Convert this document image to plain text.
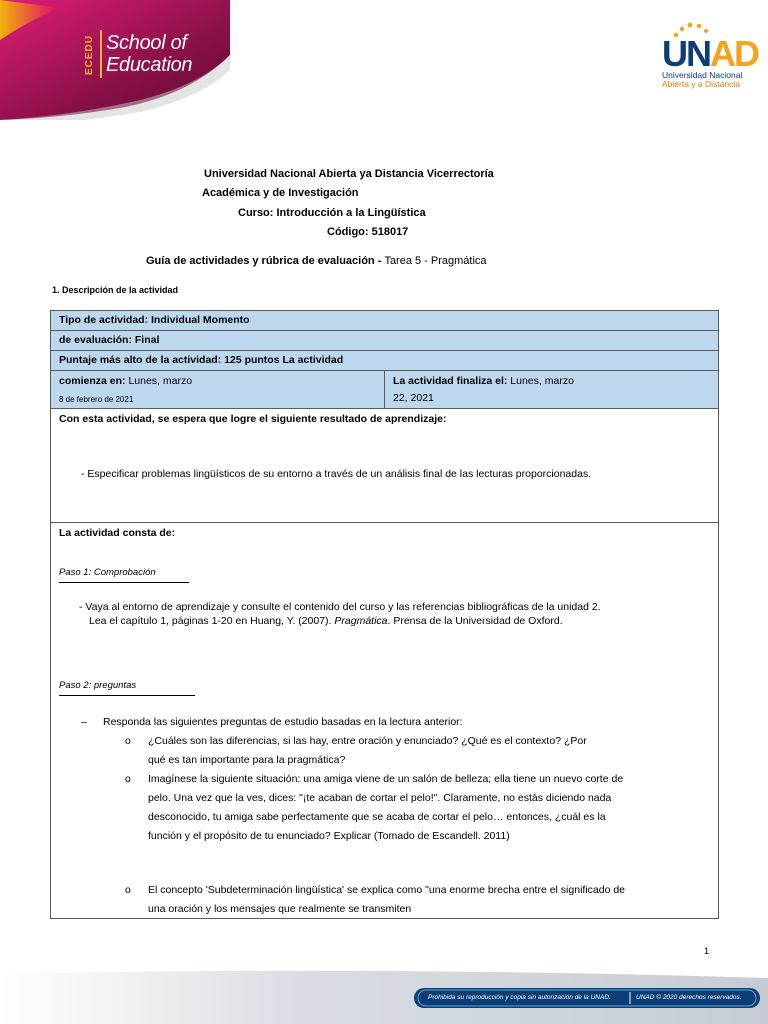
ECEDU School of
Education	UNAD
Universidad Nacional
Abierta y a Distancia
Universidad Nacional Abierta ya Distancia Vicerrectoría
Académica y de Investigación
Curso: Introducción a la Lingüística
Código: 518017
Guía de actividades y rúbrica de evaluación - Tarea 5 - Pragmática
1. Descripción de la actividad
Tipo de actividad: Individual Momento
de evaluación: Final
Puntaje más alto de la actividad: 125 puntos La actividad
comienza en: Lunes, marzo
8 de febrero de 2021
La actividad finaliza el: Lunes, marzo
22, 2021
Con esta actividad, se espera que logre el siguiente resultado de aprendizaje:
- Especificar problemas lingüísticos de su entorno a través de un análisis final de las lecturas proporcionadas.
La actividad consta de:
Paso 1: Comprobación
- Vaya al entorno de aprendizaje y consulte el contenido del curso y las referencias bibliográficas de la unidad 2.
Lea el capítulo 1, páginas 1-20 en Huang, Y. (2007). Pragmática. Prensa de la Universidad de Oxford.
Paso 2: preguntas
– Responda las siguientes preguntas de estudio basadas en la lectura anterior:
o ¿Cuáles son las diferencias, si las hay, entre oración y enunciado? ¿Qué es el contexto? ¿Por
qué es tan importante para la pragmática?
o Imagínese la siguiente situación: una amiga viene de un salón de belleza; ella tiene un nuevo corte de
pelo. Una vez que la ves, dices: "¡te acaban de cortar el pelo!". Claramente, no estás diciendo nada
desconocido, tu amiga sabe perfectamente que se acaba de cortar el pelo… entonces, ¿cuál es la
función y el propósito de tu enunciado? Explicar (Tomado de Escandell. 2011)
o El concepto 'Subdeterminación lingüística' se explica como "una enorme brecha entre el significado de
una oración y los mensajes que realmente se transmiten
1
Prohibida su reproducción y copia sin autorización de la UNAD.	UNAD © 2020 derechos reservados.
